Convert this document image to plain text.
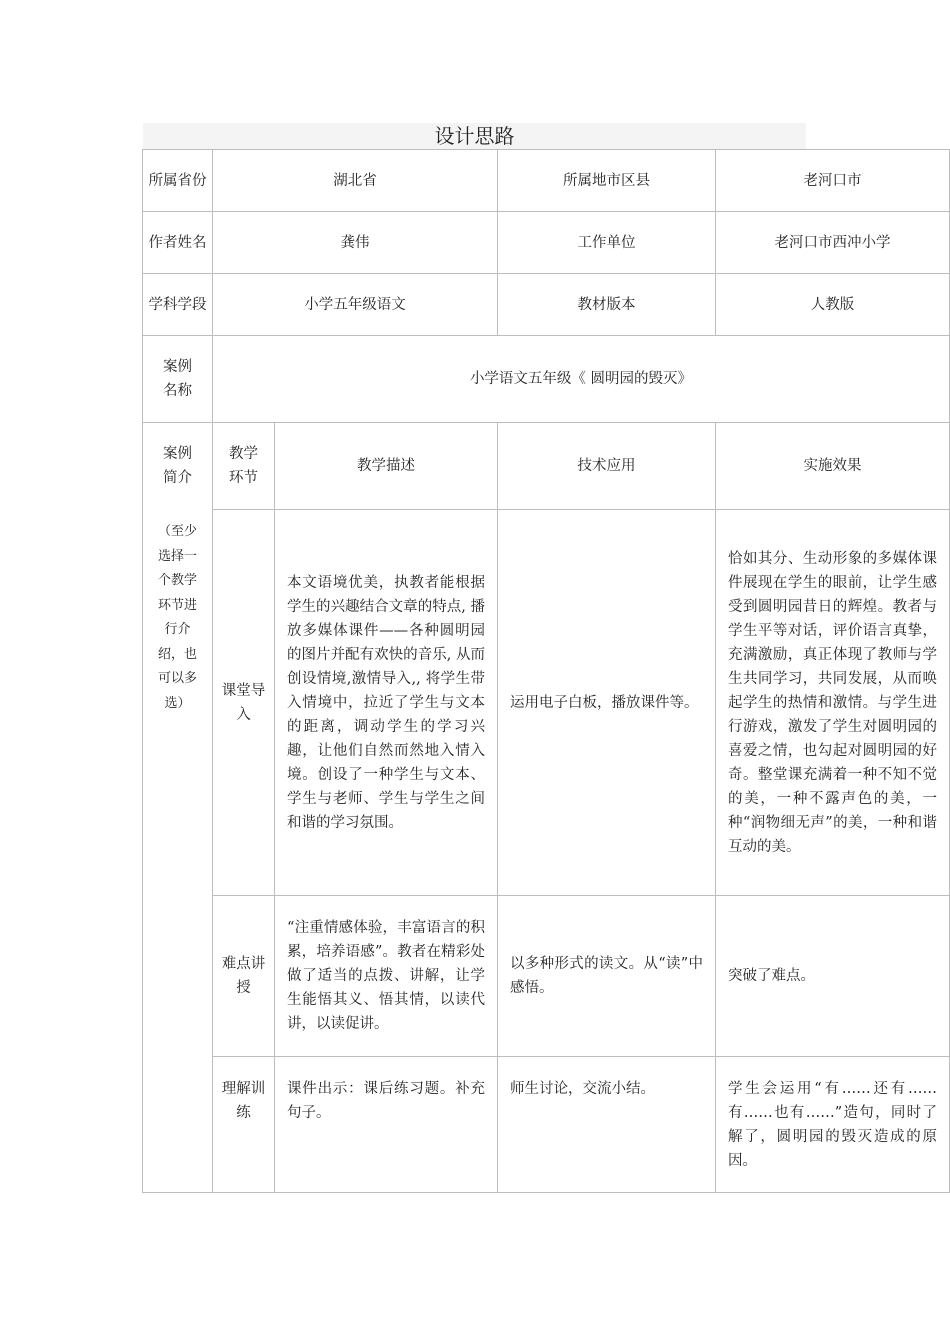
设计思路
所属省份	湖北省		所属地市区县	老河口市
作者姓名	龚伟		工作单位	老河口市西冲小学
学科学段	小学五年级语文		教材版本	人教版

案例名称	小学语文五年级《 圆明园的毁灭》			

案例简介
（至少选择一个教学环节进行介绍，也可以多选）	教学环节	教学描述	技术应用	实施效果

	课堂导入	本文语境优美，执教者能根据学生的兴趣结合文章的特点, 播放多媒体课件——各种圆明园的图片并配有欢快的音乐, 从而创设情境,激情导入,, 将学生带入情境中，拉近了学生与文本的距离，调动学生的学习兴趣，让他们自然而然地入情入境。创设了一种学生与文本、学生与老师、学生与学生之间和谐的学习氛围。	运用电子白板，播放课件等。	恰如其分、生动形象的多媒体课件展现在学生的眼前，让学生感受到圆明园昔日的辉煌。教者与学生平等对话，评价语言真挚，充满激励，真正体现了教师与学生共同学习，共同发展，从而唤起学生的热情和激情。与学生进行游戏，激发了学生对圆明园的喜爱之情，也勾起对圆明园的好奇。整堂课充满着一种不知不觉的美，一种不露声色的美，一种“润物细无声”的美，一种和谐互动的美。

	难点讲授	“注重情感体验，丰富语言的积累，培养语感”。教者在精彩处做了适当的点拨、讲解，让学生能悟其义、悟其情，以读代讲，以读促讲。	以多种形式的读文。从“读”中感悟。	突破了难点。

	理解训练	课件出示：课后练习题。补充句子。	师生讨论，交流小结。	学生会运用“有……还有……有……也有……”造句，同时了解了，圆明园的毁灭造成的原因。
